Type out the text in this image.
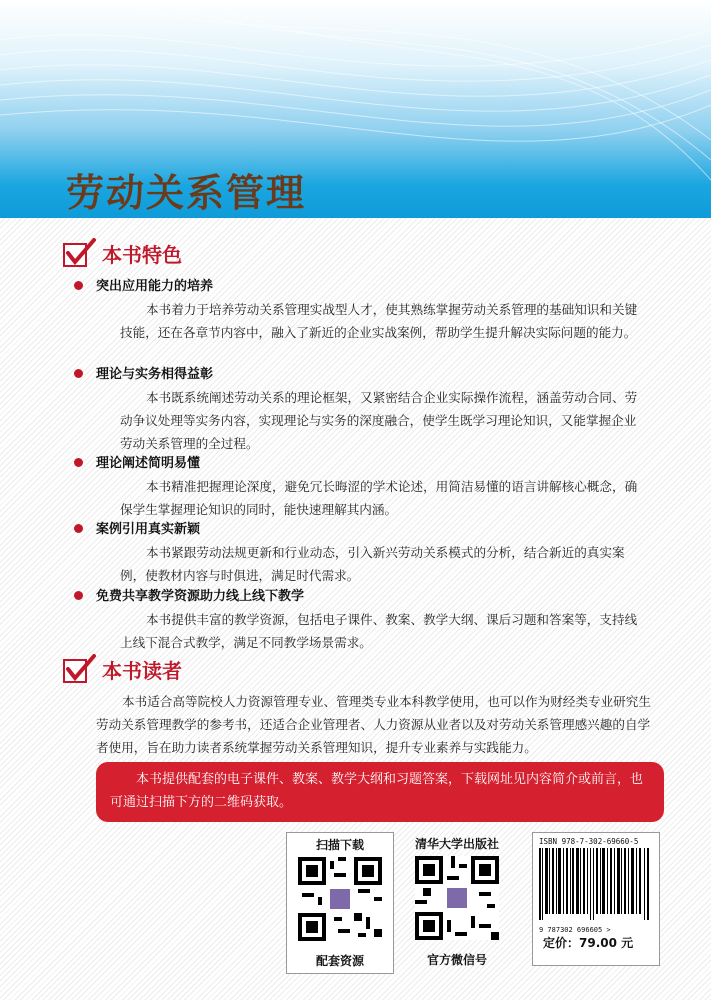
劳动关系管理
本书特色
突出应用能力的培养
本书着力于培养劳动关系管理实战型人才，使其熟练掌握劳动关系管理的基础知识和关键技能，还在各章节内容中，融入了新近的企业实战案例，帮助学生提升解决实际问题的能力。
理论与实务相得益彰
本书既系统阐述劳动关系的理论框架，又紧密结合企业实际操作流程，涵盖劳动合同、劳动争议处理等实务内容，实现理论与实务的深度融合，使学生既学习理论知识，又能掌握企业劳动关系管理的全过程。
理论阐述简明易懂
本书精准把握理论深度，避免冗长晦涩的学术论述，用简洁易懂的语言讲解核心概念，确保学生掌握理论知识的同时，能快速理解其内涵。
案例引用真实新颖
本书紧跟劳动法规更新和行业动态，引入新兴劳动关系模式的分析，结合新近的真实案例，使教材内容与时俱进，满足时代需求。
免费共享教学资源助力线上线下教学
本书提供丰富的教学资源，包括电子课件、教案、教学大纲、课后习题和答案等，支持线上线下混合式教学，满足不同教学场景需求。
本书读者
本书适合高等院校人力资源管理专业、管理类专业本科教学使用，也可以作为财经类专业研究生劳动关系管理教学的参考书，还适合企业管理者、人力资源从业者以及对劳动关系管理感兴趣的自学者使用，旨在助力读者系统掌握劳动关系管理知识，提升专业素养与实践能力。
本书提供配套的电子课件、教案、教学大纲和习题答案，下载网址见内容简介或前言，也可通过扫描下方的二维码获取。
扫描下载
配套资源
清华大学出版社
官方微信号
ISBN 978-7-302-69660-5
9 787302 696605 >
定价：79.00 元
